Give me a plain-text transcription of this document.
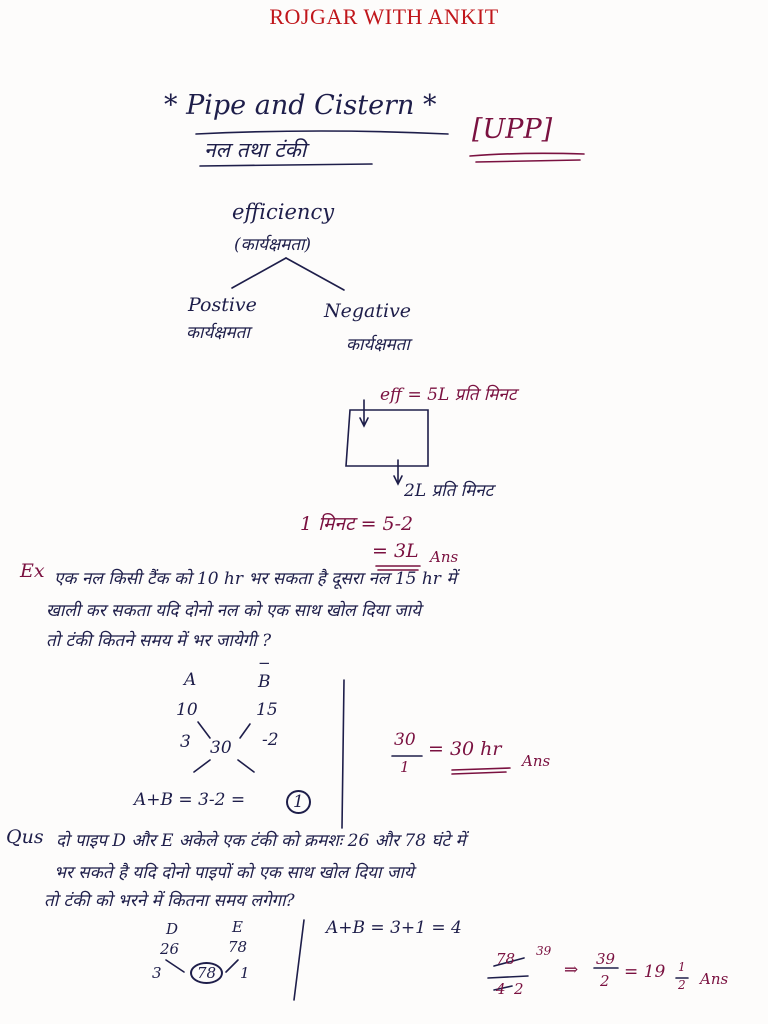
ROJGAR WITH ANKIT
* Pipe and Cistern *
नल तथा टंकी
[UPP]
efficiency
(कार्यक्षमता)
Postive
कार्यक्षमता
Negative
कार्यक्षमता
eff = 5L प्रति मिनट
2L प्रति मिनट
1 मिनट = 5-2
= 3L Ans
Ex एक नल किसी टैंक को 10 hr भर सकता है दूसरा नल 15 hr में
खाली कर सकता यदि दोनो नल को एक साथ खोल दिया जाये
तो टंकी कितने समय में भर जायेगी ?
A
−
B
10	15
3 30 -2
A+B = 3-2 =	1
30
1
= 30 hr
Ans
Qus दो पाइप D और E अकेले एक टंकी को क्रमशः 26 और 78 घंटे में
भर सकते है यदि दोनो पाइपों को एक साथ खोल दिया जाये
तो टंकी को भरने में कितना समय लगेगा?
D	E
26	78
3	78	1
A+B = 3+1 = 4
78 39
4 2
⇒
39
2 = 19 1
2 Ans
